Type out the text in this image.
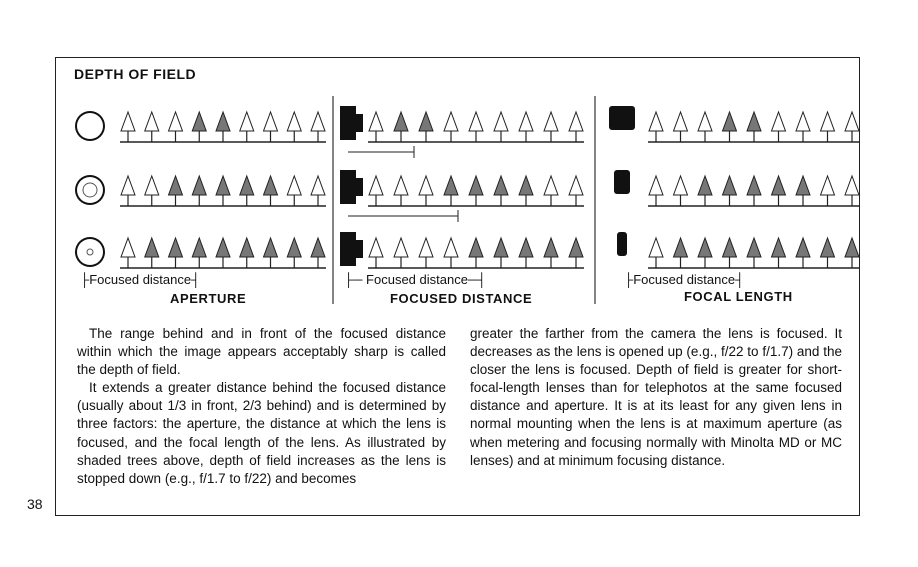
DEPTH OF FIELD
├Focused distance┤	├─ Focused distance─┤	├Focused distance┤
APERTURE	FOCUSED DISTANCE	FOCAL LENGTH

The range behind and in front of the focused distance within which the image appears acceptably sharp is called the depth of field.

It extends a greater distance behind the focused distance (usually about 1/3 in front, 2/3 behind) and is determined by three factors: the aperture, the distance at which the lens is focused, and the focal length of the lens. As illustrated by shaded trees above, depth of field increases as the lens is stopped down (e.g., f/1.7 to f/22) and becomes

greater the farther from the camera the lens is focused. It decreases as the lens is opened up (e.g., f/22 to f/1.7) and the closer the lens is focused. Depth of field is greater for short-focal-length lenses than for telephotos at the same focused distance and aperture. It is at its least for any given lens in normal mounting when the lens is at maximum aperture (as when metering and focusing normally with Minolta MD or MC lenses) and at minimum focusing distance.

38
